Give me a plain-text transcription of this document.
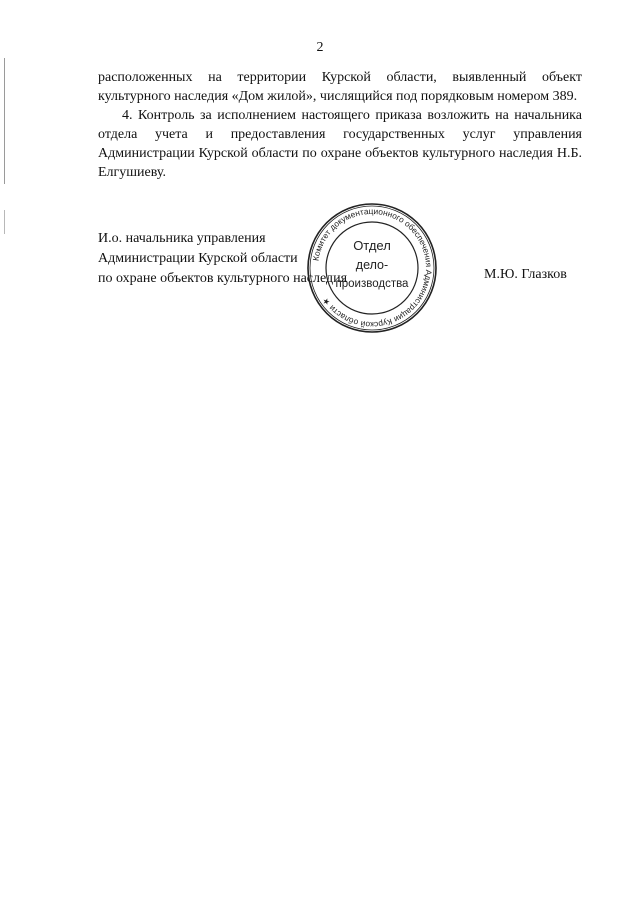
2

расположенных на территории Курской области, выявленный объект культурного наследия «Дом жилой», числящийся под порядковым номером 389.

4. Контроль за исполнением настоящего приказа возложить на начальника отдела учета и предоставления государственных услуг управления Администрации Курской области по охране объектов культурного наследия Н.Б. Елгушиеву.

И.о. начальника управления
Администрации Курской области
по охране объектов культурного наследия	М.Ю. Глазков
Комитет документационного обеспечения Администрации Курской области ★
Отдел
дело-
производства
